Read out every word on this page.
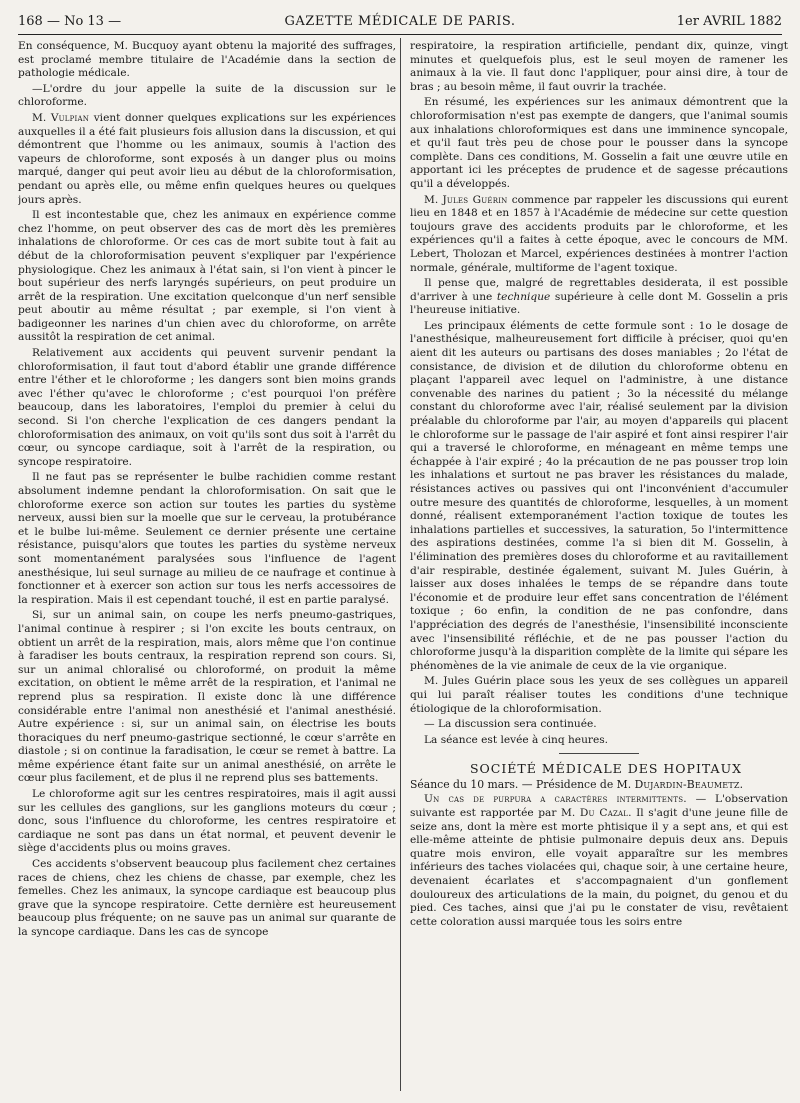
168 — No 13 —	GAZETTE MÉDICALE DE PARIS.	1er AVRIL 1882

En conséquence, M. Bucquoy ayant obtenu la majorité des suffrages, est proclamé membre titulaire de l'Académie dans la section de pathologie médicale.

—L'ordre du jour appelle la suite de la discussion sur le chloroforme.

M. Vulpian vient donner quelques explications sur les expériences auxquelles il a été fait plusieurs fois allusion dans la discussion, et qui démontrent que l'homme ou les animaux, soumis à l'action des vapeurs de chloroforme, sont exposés à un danger plus ou moins marqué, danger qui peut avoir lieu au début de la chloroformisation, pendant ou après elle, ou même enfin quelques heures ou quelques jours après.

Il est incontestable que, chez les animaux en expérience comme chez l'homme, on peut observer des cas de mort dès les premières inhalations de chloroforme. Or ces cas de mort subite tout à fait au début de la chloroformisation peuvent s'expliquer par l'expérience physiologique. Chez les animaux à l'état sain, si l'on vient à pincer le bout supérieur des nerfs laryngés supérieurs, on peut produire un arrêt de la respiration. Une excitation quelconque d'un nerf sensible peut aboutir au même résultat ; par exemple, si l'on vient à badigeonner les narines d'un chien avec du chloroforme, on arrête aussitôt la respiration de cet animal.

Relativement aux accidents qui peuvent survenir pendant la chloroformisation, il faut tout d'abord établir une grande différence entre l'éther et le chloroforme ; les dangers sont bien moins grands avec l'éther qu'avec le chloroforme ; c'est pourquoi l'on préfère beaucoup, dans les laboratoires, l'emploi du premier à celui du second. Si l'on cherche l'explication de ces dangers pendant la chloroformisation des animaux, on voit qu'ils sont dus soit à l'arrêt du cœur, ou syncope cardiaque, soit à l'arrêt de la respiration, ou syncope respiratoire.

Il ne faut pas se représenter le bulbe rachidien comme restant absolument indemne pendant la chloroformisation. On sait que le chloroforme exerce son action sur toutes les parties du système nerveux, aussi bien sur la moelle que sur le cerveau, la protubérance et le bulbe lui-même. Seulement ce dernier présente une certaine résistance, puisqu'alors que toutes les parties du système nerveux sont momentanément paralysées sous l'influence de l'agent anesthésique, lui seul surnage au milieu de ce naufrage et continue à fonctionner et à exercer son action sur tous les nerfs accessoires de la respiration. Mais il est cependant touché, il est en partie paralysé.

Si, sur un animal sain, on coupe les nerfs pneumo-gastriques, l'animal continue à respirer ; si l'on excite les bouts centraux, on obtient un arrêt de la respiration, mais, alors même que l'on continue à faradiser les bouts centraux, la respiration reprend son cours. Si, sur un animal chloralisé ou chloroformé, on produit la même excitation, on obtient le même arrêt de la respiration, et l'animal ne reprend plus sa respiration. Il existe donc là une différence considérable entre l'animal non anesthésié et l'animal anesthésié. Autre expérience : si, sur un animal sain, on électrise les bouts thoraciques du nerf pneumo-gastrique sectionné, le cœur s'arrête en diastole ; si on continue la faradisation, le cœur se remet à battre. La même expérience étant faite sur un animal anesthésié, on arrête le cœur plus facilement, et de plus il ne reprend plus ses battements.

Le chloroforme agit sur les centres respiratoires, mais il agit aussi sur les cellules des ganglions, sur les ganglions moteurs du cœur ; donc, sous l'influence du chloroforme, les centres respiratoire et cardiaque ne sont pas dans un état normal, et peuvent devenir le siège d'accidents plus ou moins graves.

Ces accidents s'observent beaucoup plus facilement chez certaines races de chiens, chez les chiens de chasse, par exemple, chez les femelles. Chez les animaux, la syncope cardiaque est beaucoup plus grave que la syncope respiratoire. Cette dernière est heureusement beaucoup plus fréquente; on ne sauve pas un animal sur quarante de la syncope cardiaque. Dans les cas de syncope

respiratoire, la respiration artificielle, pendant dix, quinze, vingt minutes et quelquefois plus, est le seul moyen de ramener les animaux à la vie. Il faut donc l'appliquer, pour ainsi dire, à tour de bras ; au besoin même, il faut ouvrir la trachée.

En résumé, les expériences sur les animaux démontrent que la chloroformisation n'est pas exempte de dangers, que l'animal soumis aux inhalations chloroformiques est dans une imminence syncopale, et qu'il faut très peu de chose pour le pousser dans la syncope complète. Dans ces conditions, M. Gosselin a fait une œuvre utile en apportant ici les préceptes de prudence et de sagesse précautions qu'il a développés.

M. Jules Guérin commence par rappeler les discussions qui eurent lieu en 1848 et en 1857 à l'Académie de médecine sur cette question toujours grave des accidents produits par le chloroforme, et les expériences qu'il a faites à cette époque, avec le concours de MM. Lebert, Tholozan et Marcel, expériences destinées à montrer l'action normale, générale, multiforme de l'agent toxique.

Il pense que, malgré de regrettables desiderata, il est possible d'arriver à une technique supérieure à celle dont M. Gosselin a pris l'heureuse initiative.

Les principaux éléments de cette formule sont : 1o le dosage de l'anesthésique, malheureusement fort difficile à préciser, quoi qu'en aient dit les auteurs ou partisans des doses maniables ; 2o l'état de consistance, de division et de dilution du chloroforme obtenu en plaçant l'appareil avec lequel on l'administre, à une distance convenable des narines du patient ; 3o la nécessité du mélange constant du chloroforme avec l'air, réalisé seulement par la division préalable du chloroforme par l'air, au moyen d'appareils qui placent le chloroforme sur le passage de l'air aspiré et font ainsi respirer l'air qui a traversé le chloroforme, en ménageant en même temps une échappée à l'air expiré ; 4o la précaution de ne pas pousser trop loin les inhalations et surtout ne pas braver les résistances du malade, résistances actives ou passives qui ont l'inconvénient d'accumuler outre mesure des quantités de chloroforme, lesquelles, à un moment donné, réalisent extemporanément l'action toxique de toutes les inhalations partielles et successives, la saturation, 5o l'intermittence des aspirations destinées, comme l'a si bien dit M. Gosselin, à l'élimination des premières doses du chloroforme et au ravitaillement d'air respirable, destinée également, suivant M. Jules Guérin, à laisser aux doses inhalées le temps de se répandre dans toute l'économie et de produire leur effet sans concentration de l'élément toxique ; 6o enfin, la condition de ne pas confondre, dans l'appréciation des degrés de l'anesthésie, l'insensibilité inconsciente avec l'insensibilité réfléchie, et de ne pas pousser l'action du chloroforme jusqu'à la disparition complète de la limite qui sépare les phénomènes de la vie animale de ceux de la vie organique.

M. Jules Guérin place sous les yeux de ses collègues un appareil qui lui paraît réaliser toutes les conditions d'une technique étiologique de la chloroformisation.

— La discussion sera continuée.

La séance est levée à cinq heures.

SOCIÉTÉ MÉDICALE DES HOPITAUX

Séance du 10 mars. — Présidence de M. Dujardin-Beaumetz.

Un cas de purpura a caractères intermittents. — L'observation suivante est rapportée par M. Du Cazal. Il s'agit d'une jeune fille de seize ans, dont la mère est morte phtisique il y a sept ans, et qui est elle-même atteinte de phtisie pulmonaire depuis deux ans. Depuis quatre mois environ, elle voyait apparaître sur les membres inférieurs des taches violacées qui, chaque soir, à une certaine heure, devenaient écarlates et s'accompagnaient d'un gonflement douloureux des articulations de la main, du poignet, du genou et du pied. Ces taches, ainsi que j'ai pu le constater de visu, revêtaient cette coloration aussi marquée tous les soirs entre
